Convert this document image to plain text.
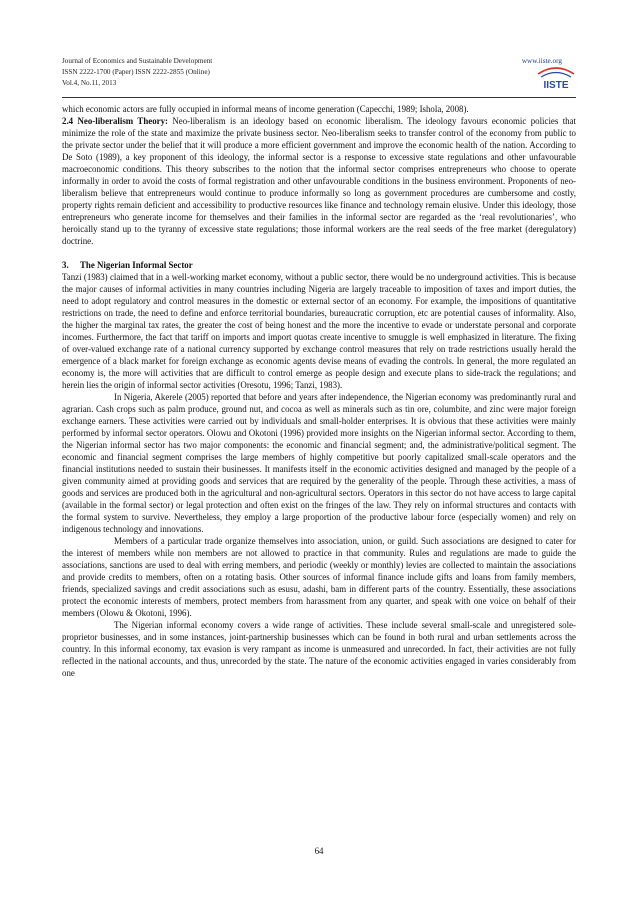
Journal of Economics and Sustainable Development
ISSN 2222-1700 (Paper) ISSN 2222-2855 (Online)
Vol.4, No.11, 2013
www.iiste.org
IISTE

which economic actors are fully occupied in informal means of income generation (Capecchi, 1989; Ishola, 2008).

2.4 Neo-liberalism Theory: Neo-liberalism is an ideology based on economic liberalism. The ideology favours economic policies that minimize the role of the state and maximize the private business sector. Neo-liberalism seeks to transfer control of the economy from public to the private sector under the belief that it will produce a more efficient government and improve the economic health of the nation. According to De Soto (1989), a key proponent of this ideology, the informal sector is a response to excessive state regulations and other unfavourable macroeconomic conditions. This theory subscribes to the notion that the informal sector comprises entrepreneurs who choose to operate informally in order to avoid the costs of formal registration and other unfavourable conditions in the business environment. Proponents of neo-liberalism believe that entrepreneurs would continue to produce informally so long as government procedures are cumbersome and costly, property rights remain deficient and accessibility to productive resources like finance and technology remain elusive. Under this ideology, those entrepreneurs who generate income for themselves and their families in the informal sector are regarded as the ‘real revolutionaries’, who heroically stand up to the tyranny of excessive state regulations; those informal workers are the real seeds of the free market (deregulatory) doctrine.

3. The Nigerian Informal Sector

Tanzi (1983) claimed that in a well-working market economy, without a public sector, there would be no underground activities. This is because the major causes of informal activities in many countries including Nigeria are largely traceable to imposition of taxes and import duties, the need to adopt regulatory and control measures in the domestic or external sector of an economy. For example, the impositions of quantitative restrictions on trade, the need to define and enforce territorial boundaries, bureaucratic corruption, etc are potential causes of informality. Also, the higher the marginal tax rates, the greater the cost of being honest and the more the incentive to evade or understate personal and corporate incomes. Furthermore, the fact that tariff on imports and import quotas create incentive to smuggle is well emphasized in literature. The fixing of over-valued exchange rate of a national currency supported by exchange control measures that rely on trade restrictions usually herald the emergence of a black market for foreign exchange as economic agents devise means of evading the controls. In general, the more regulated an economy is, the more will activities that are difficult to control emerge as people design and execute plans to side-track the regulations; and herein lies the origin of informal sector activities (Oresotu, 1996; Tanzi, 1983).

In Nigeria, Akerele (2005) reported that before and years after independence, the Nigerian economy was predominantly rural and agrarian. Cash crops such as palm produce, ground nut, and cocoa as well as minerals such as tin ore, columbite, and zinc were major foreign exchange earners. These activities were carried out by individuals and small-holder enterprises. It is obvious that these activities were mainly performed by informal sector operators. Olowu and Okotoni (1996) provided more insights on the Nigerian informal sector. According to them, the Nigerian informal sector has two major components: the economic and financial segment; and, the administrative/political segment. The economic and financial segment comprises the large members of highly competitive but poorly capitalized small-scale operators and the financial institutions needed to sustain their businesses. It manifests itself in the economic activities designed and managed by the people of a given community aimed at providing goods and services that are required by the generality of the people. Through these activities, a mass of goods and services are produced both in the agricultural and non-agricultural sectors. Operators in this sector do not have access to large capital (available in the formal sector) or legal protection and often exist on the fringes of the law. They rely on informal structures and contacts with the formal system to survive. Nevertheless, they employ a large proportion of the productive labour force (especially women) and rely on indigenous technology and innovations.

Members of a particular trade organize themselves into association, union, or guild. Such associations are designed to cater for the interest of members while non members are not allowed to practice in that community. Rules and regulations are made to guide the associations, sanctions are used to deal with erring members, and periodic (weekly or monthly) levies are collected to maintain the associations and provide credits to members, often on a rotating basis. Other sources of informal finance include gifts and loans from family members, friends, specialized savings and credit associations such as esusu, adashi, bam in different parts of the country. Essentially, these associations protect the economic interests of members, protect members from harassment from any quarter, and speak with one voice on behalf of their members (Olowu & Okotoni, 1996).

The Nigerian informal economy covers a wide range of activities. These include several small-scale and unregistered sole-proprietor businesses, and in some instances, joint-partnership businesses which can be found in both rural and urban settlements across the country. In this informal economy, tax evasion is very rampant as income is unmeasured and unrecorded. In fact, their activities are not fully reflected in the national accounts, and thus, unrecorded by the state. The nature of the economic activities engaged in varies considerably from one

64
